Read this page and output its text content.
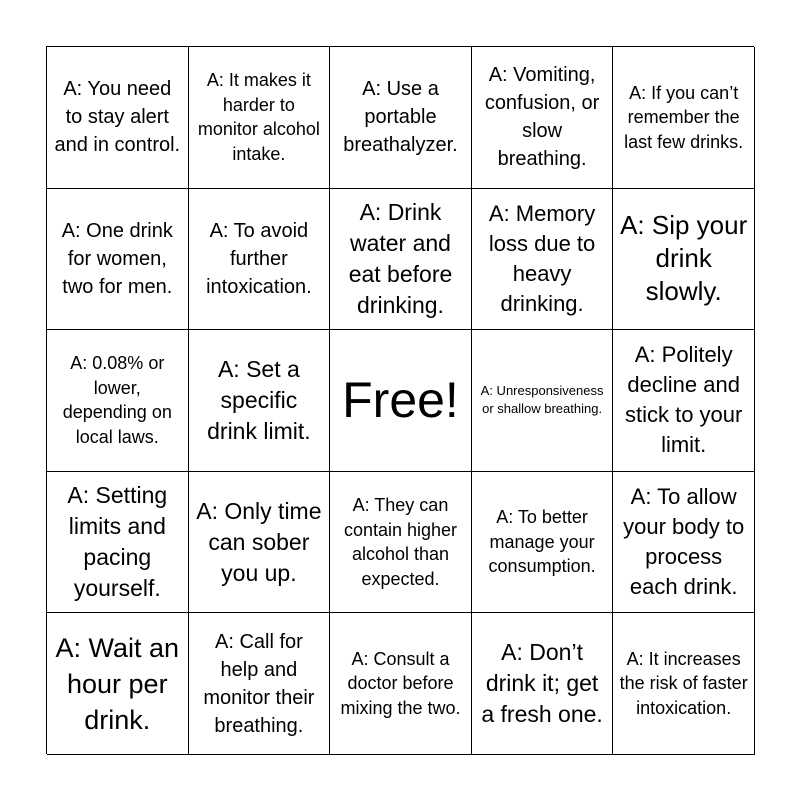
A: You need to stay alert and in control.
A: It makes it harder to monitor alcohol intake.
A: Use a portable breathalyzer.
A: Vomiting, confusion, or slow breathing.
A: If you can’t remember the last few drinks.
A: One drink for women, two for men.
A: To avoid further intoxication.
A: Drink water and eat before drinking.
A: Memory loss due to heavy drinking.
A: Sip your drink slowly.
A: 0.08% or lower, depending on local laws.
A: Set a specific drink limit.
Free! A: Unresponsiveness or shallow breathing.
A: Politely decline and stick to your limit.
A: Setting limits and pacing yourself.
A: Only time can sober you up.
A: They can contain higher alcohol than expected.
A: To better manage your consumption.
A: To allow your body to process each drink.
A: Wait an hour per drink.
A: Call for help and monitor their breathing.
A: Consult a doctor before mixing the two.
A: Don’t drink it; get a fresh one.
A: It increases the risk of faster intoxication.
